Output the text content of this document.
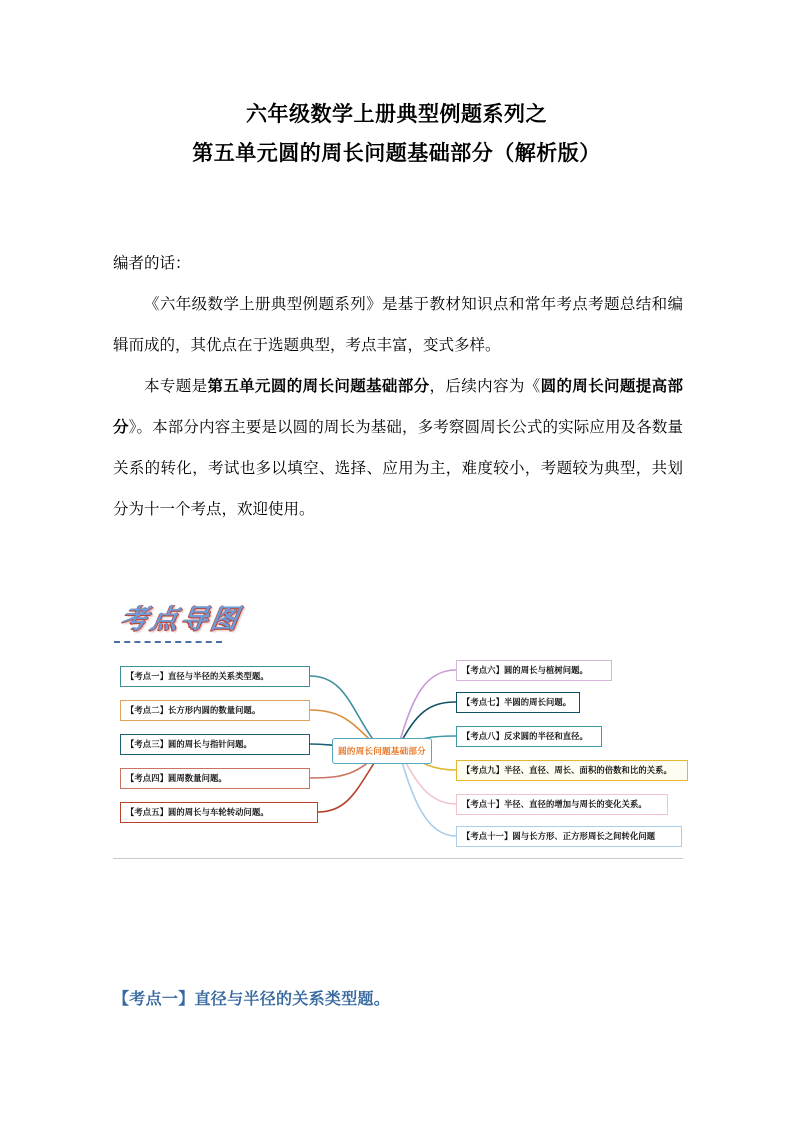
六年级数学上册典型例题系列之
第五单元圆的周长问题基础部分（解析版）

编者的话：

《六年级数学上册典型例题系列》是基于教材知识点和常年考点考题总结和编辑而成的，其优点在于选题典型，考点丰富，变式多样。

本专题是第五单元圆的周长问题基础部分，后续内容为《圆的周长问题提高部分》。本部分内容主要是以圆的周长为基础，多考察圆周长公式的实际应用及各数量关系的转化，考试也多以填空、选择、应用为主，难度较小，考题较为典型，共划分为十一个考点，欢迎使用。

考点导图
【考点一】直径与半径的关系类型题。
【考点二】长方形内圆的数量问题。
【考点三】圆的周长与指针问题。
【考点四】圆周数量问题。
【考点五】圆的周长与车轮转动问题。
圆的周长问题基础部分
【考点六】圆的周长与植树问题。
【考点七】半圆的周长问题。
【考点八】反求圆的半径和直径。
【考点九】半径、直径、周长、面积的倍数和比的关系。
【考点十】半径、直径的增加与周长的变化关系。
【考点十一】圆与长方形、正方形周长之间转化问题
【考点一】直径与半径的关系类型题。
